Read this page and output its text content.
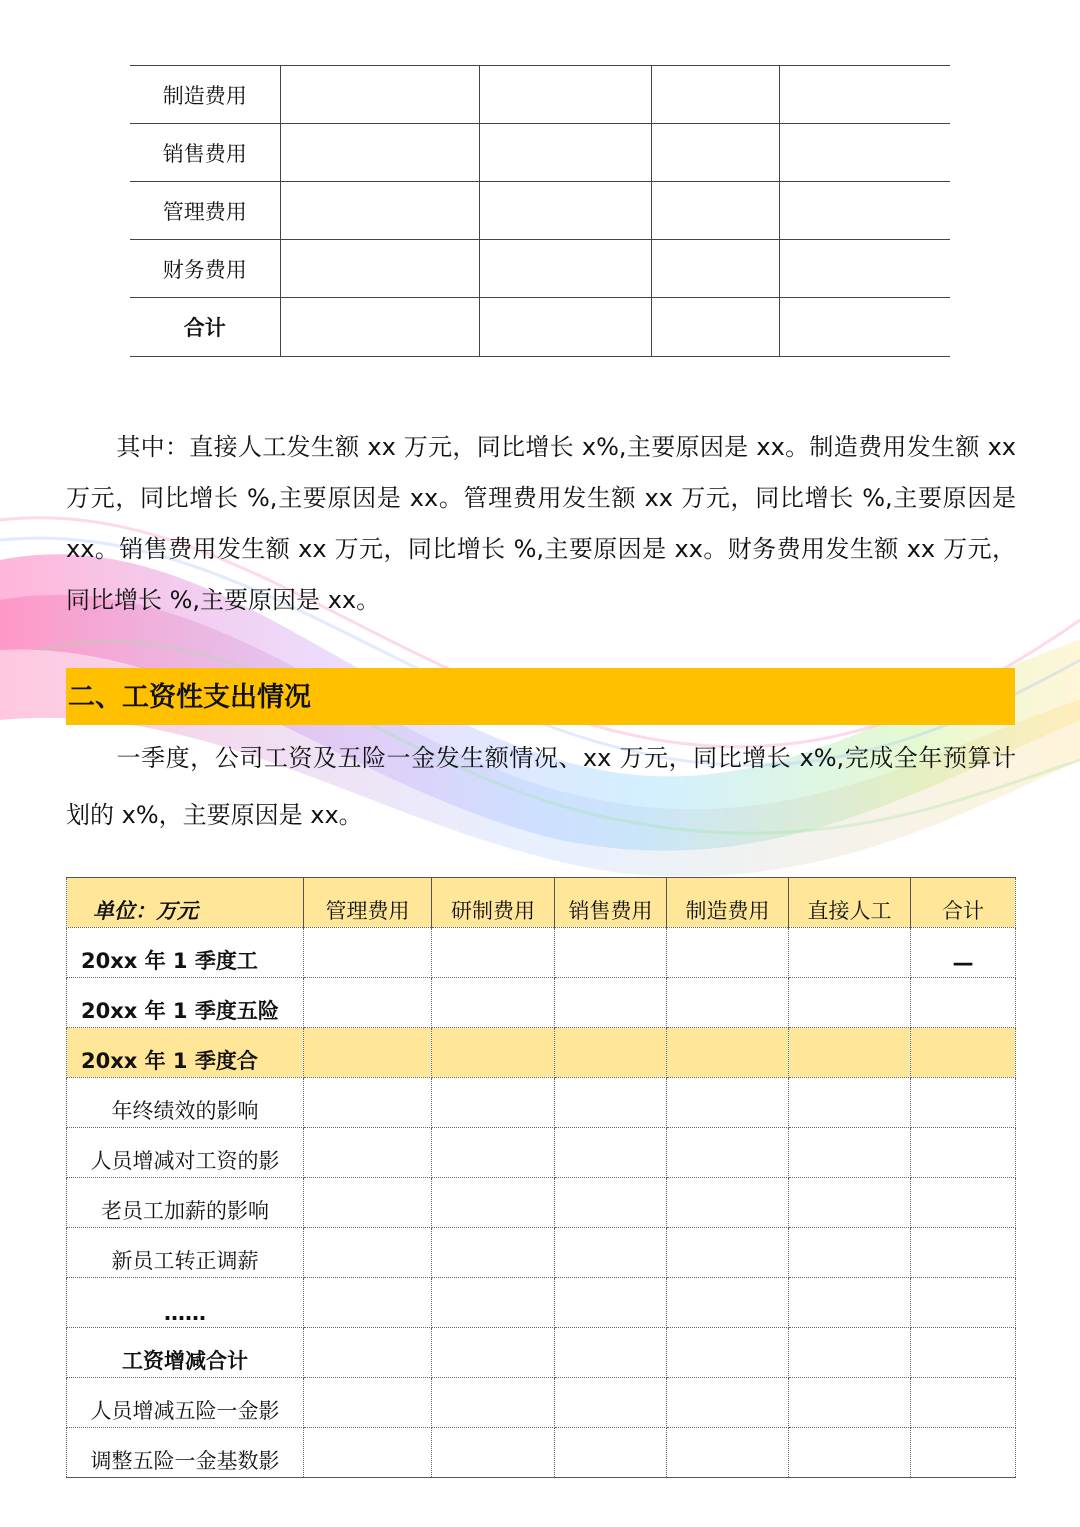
制造费用				
销售费用				
管理费用				
财务费用				
合计				
其中：直接人工发生额 xx 万元，同比增长 x%,主要原因是 xx。制造费用发生额 xx 万元，同比增长 %,主要原因是 xx。管理费用发生额 xx 万元，同比增长 %,主要原因是 xx。销售费用发生额 xx 万元，同比增长 %,主要原因是 xx。财务费用发生额 xx 万元，同比增长 %,主要原因是 xx。
二、工资性支出情况
一季度，公司工资及五险一金发生额情况、xx 万元，同比增长 x%,完成全年预算计划的 x%，主要原因是 xx。
单位：万元	管理费用	研制费用	销售费用	制造费用	直接人工	合计
20xx 年 1 季度工						—
20xx 年 1 季度五险						
20xx 年 1 季度合						
年终绩效的影响						
人员增减对工资的影						
老员工加薪的影响						
新员工转正调薪						
……						
工资增减合计						
人员增减五险一金影						
调整五险一金基数影						
